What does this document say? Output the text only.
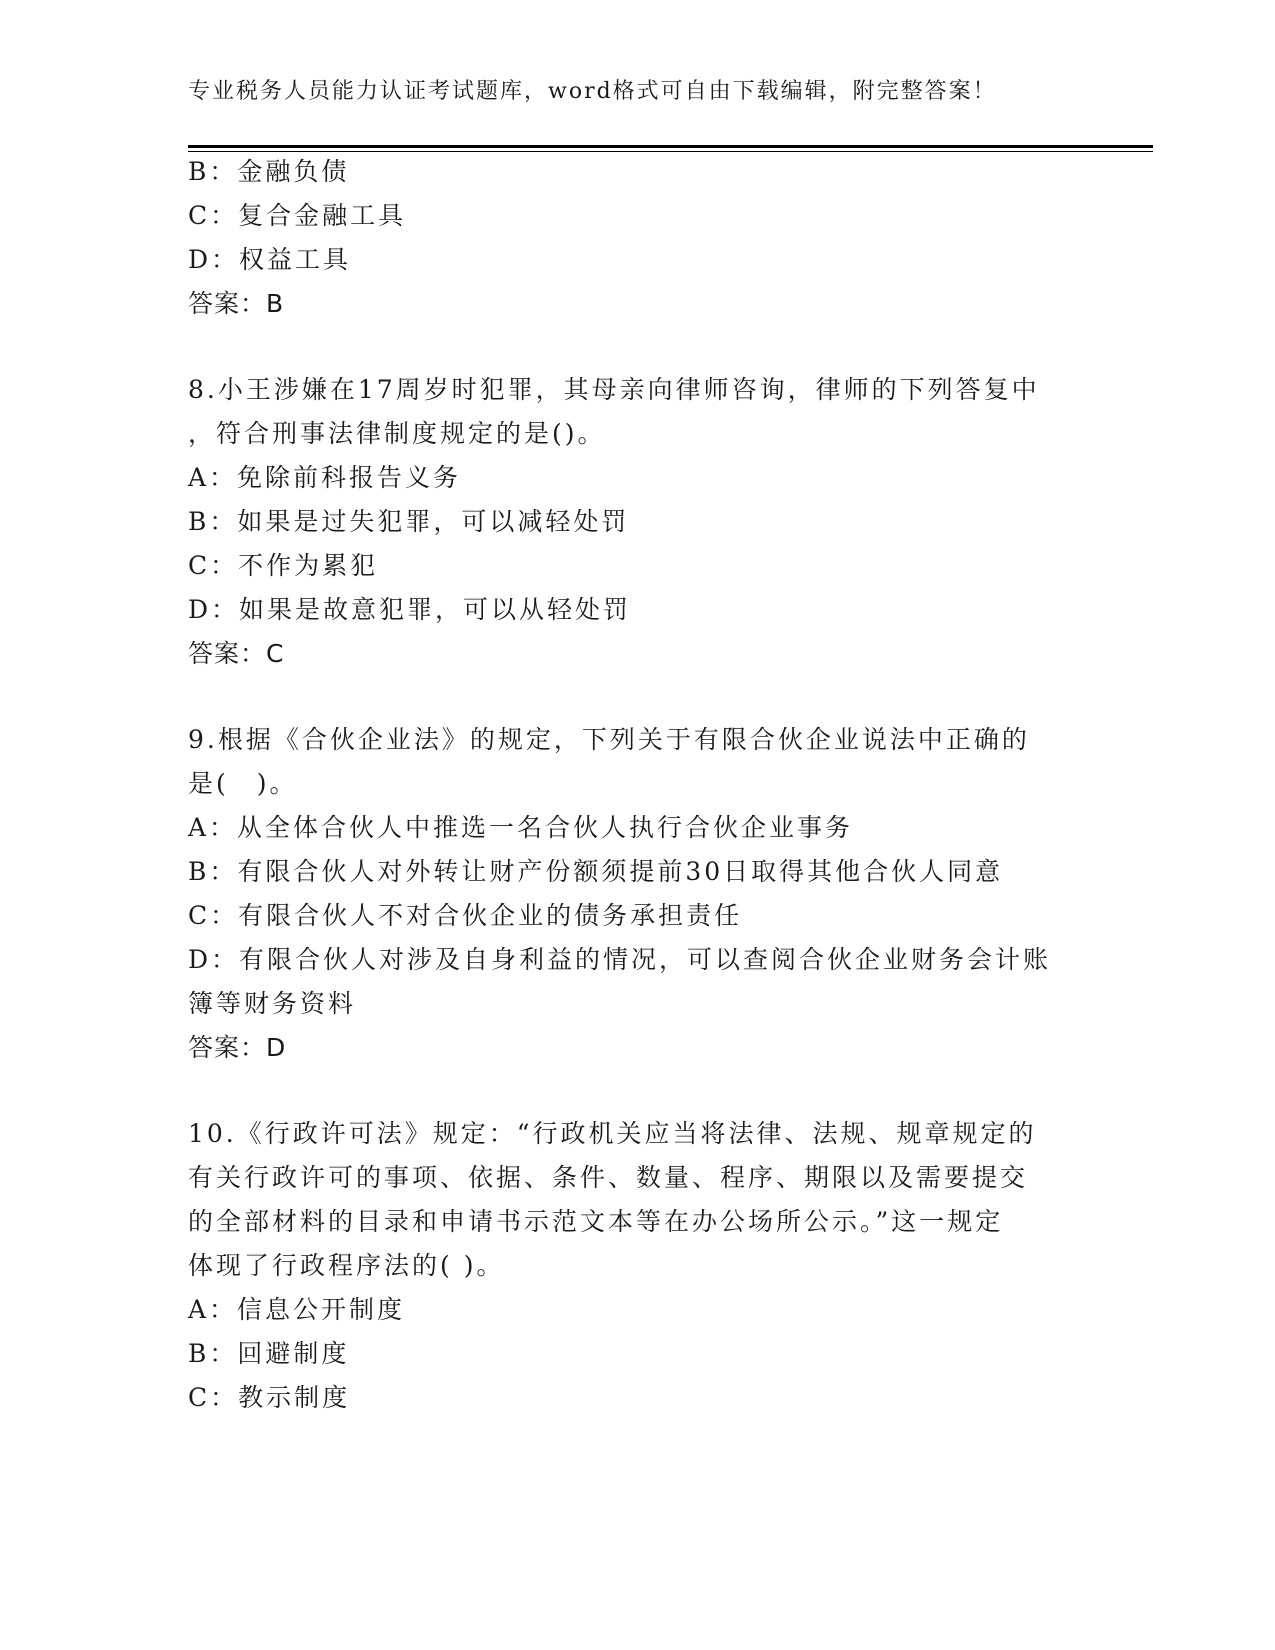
专业税务人员能力认证考试题库，word格式可自由下载编辑，附完整答案！
B：金融负债
C：复合金融工具
D：权益工具
答案：B
8.小王涉嫌在17周岁时犯罪，其母亲向律师咨询，律师的下列答复中
，符合刑事法律制度规定的是()。
A：免除前科报告义务
B：如果是过失犯罪，可以减轻处罚
C：不作为累犯
D：如果是故意犯罪，可以从轻处罚
答案：C
9.根据《合伙企业法》的规定，下列关于有限合伙企业说法中正确的
是(　)。
A：从全体合伙人中推选一名合伙人执行合伙企业事务
B：有限合伙人对外转让财产份额须提前30日取得其他合伙人同意
C：有限合伙人不对合伙企业的债务承担责任
D：有限合伙人对涉及自身利益的情况，可以查阅合伙企业财务会计账
簿等财务资料
答案：D
10.《行政许可法》规定：“行政机关应当将法律、法规、规章规定的
有关行政许可的事项、依据、条件、数量、程序、期限以及需要提交
的全部材料的目录和申请书示范文本等在办公场所公示。”这一规定
体现了行政程序法的( )。
A：信息公开制度
B：回避制度
C：教示制度
